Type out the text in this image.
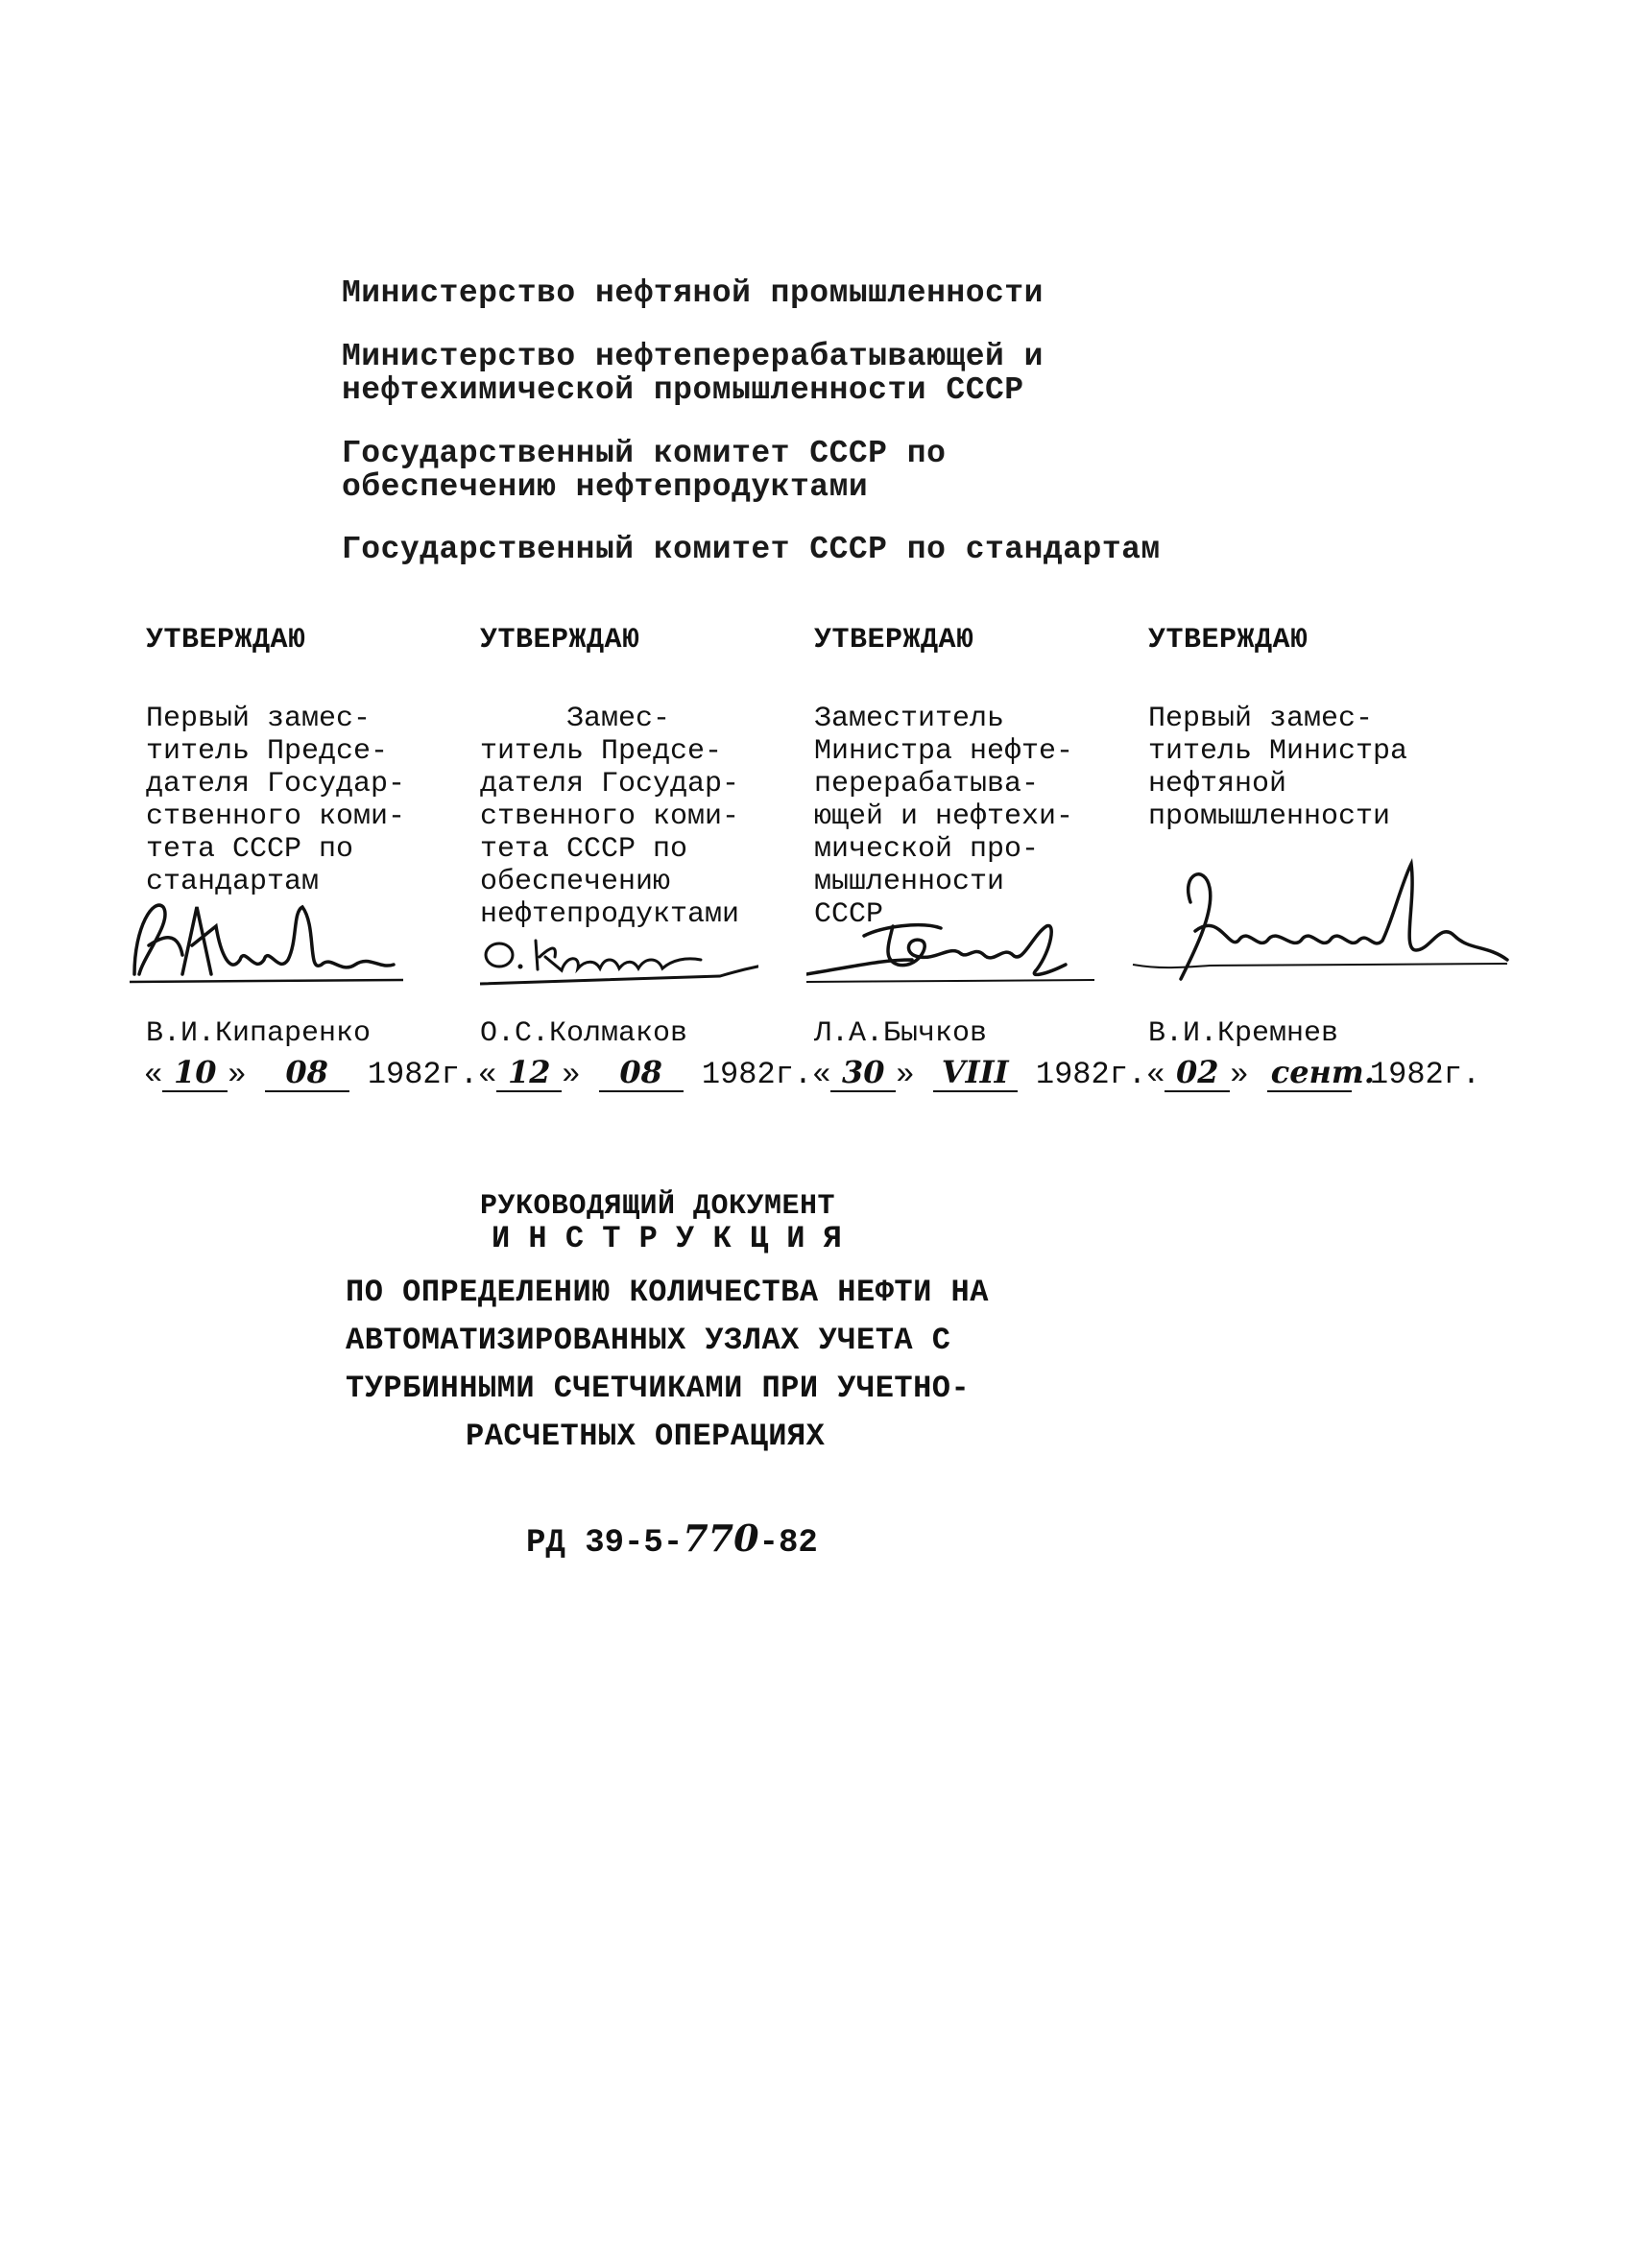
Министерство нефтяной промышленности
Министерство нефтеперерабатывающей и
нефтехимической промышленности СССР
Государственный комитет СССР по
обеспечению нефтепродуктами
Государственный комитет СССР по стандартам
УТВЕРЖДАЮ
Первый замес-
титель Предсе-
дателя Госудap-
ственного коми-
тета СССР по
стандартам
В.И.Кипаренко
УТВЕРЖДАЮ
Замес-
титель Предсе-
дателя Госудap-
ственного коми-
тета СССР по
обеспечению
нефтепродуктами
О.С.Колмаков
УТВЕРЖДАЮ
Заместитель
Министра нефте-
перерабатыва-
ющей и нефтехи-
мической про-
мышленности
СССР
Л.А.Бычков
УТВЕРЖДАЮ
Первый замес-
титель Министра
нефтяной
промышленности
В.И.Кремнев
« 10 » 08 1982г.« 12 » 08 1982г.« 30 » VIII 1982г.« 02 » сент. 1982г.
РУКОВОДЯЩИЙ ДОКУМЕНТ
И Н С Т Р У К Ц И Я
ПО ОПРЕДЕЛЕНИЮ КОЛИЧЕСТВА НЕФТИ НА
АВТОМАТИЗИРОВАННЫХ УЗЛАХ УЧЕТА С
ТУРБИННЫМИ СЧЕТЧИКАМИ ПРИ УЧЕТНО-
РАСЧЕТНЫХ ОПЕРАЦИЯХ
РД 39-5-770-82
